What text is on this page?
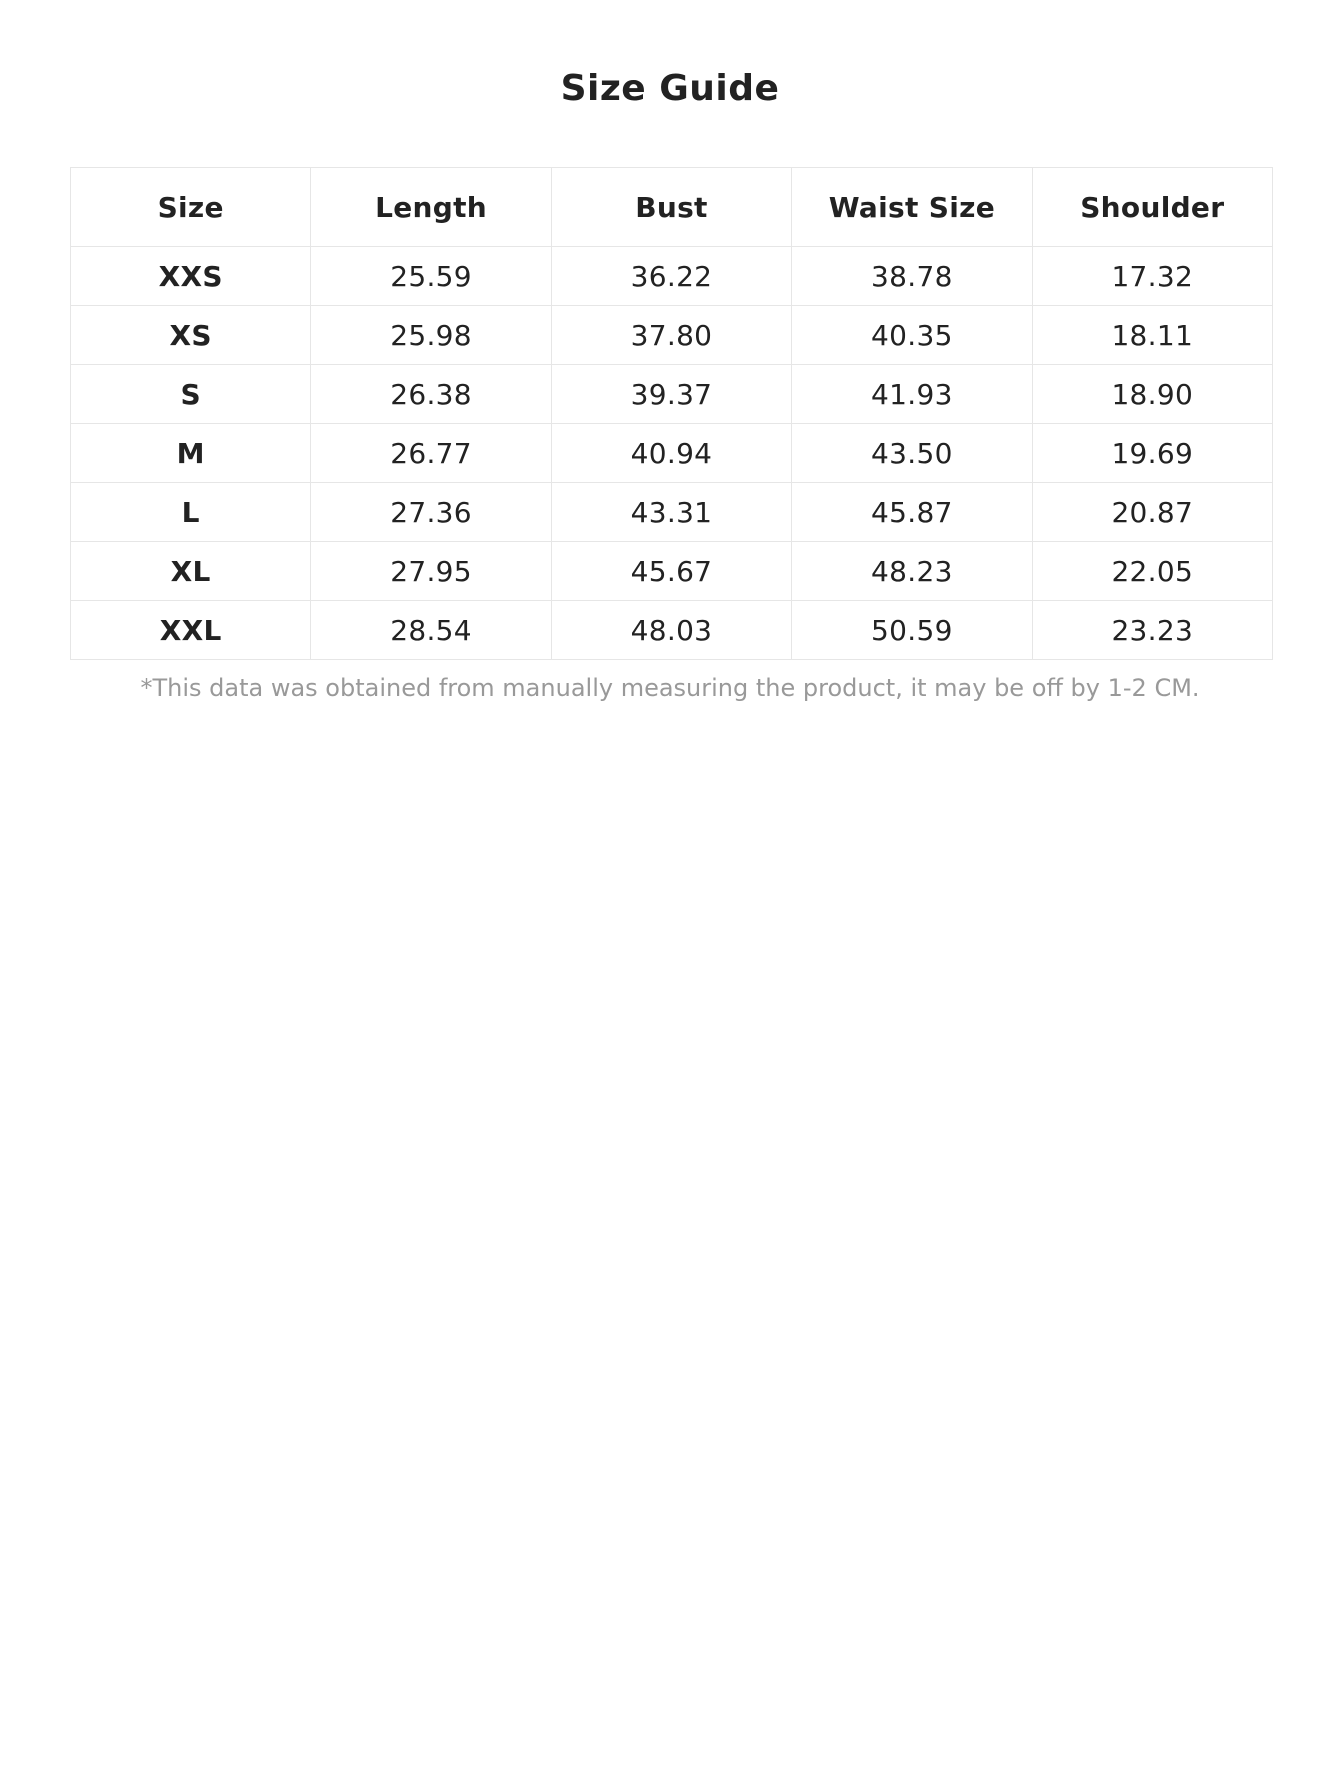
Size Guide
Size	Length	Bust	Waist Size	Shoulder
XXS	25.59	36.22	38.78	17.32
XS	25.98	37.80	40.35	18.11
S	26.38	39.37	41.93	18.90
M	26.77	40.94	43.50	19.69
L	27.36	43.31	45.87	20.87
XL	27.95	45.67	48.23	22.05
XXL	28.54	48.03	50.59	23.23

*This data was obtained from manually measuring the product, it may be off by 1-2 CM.
